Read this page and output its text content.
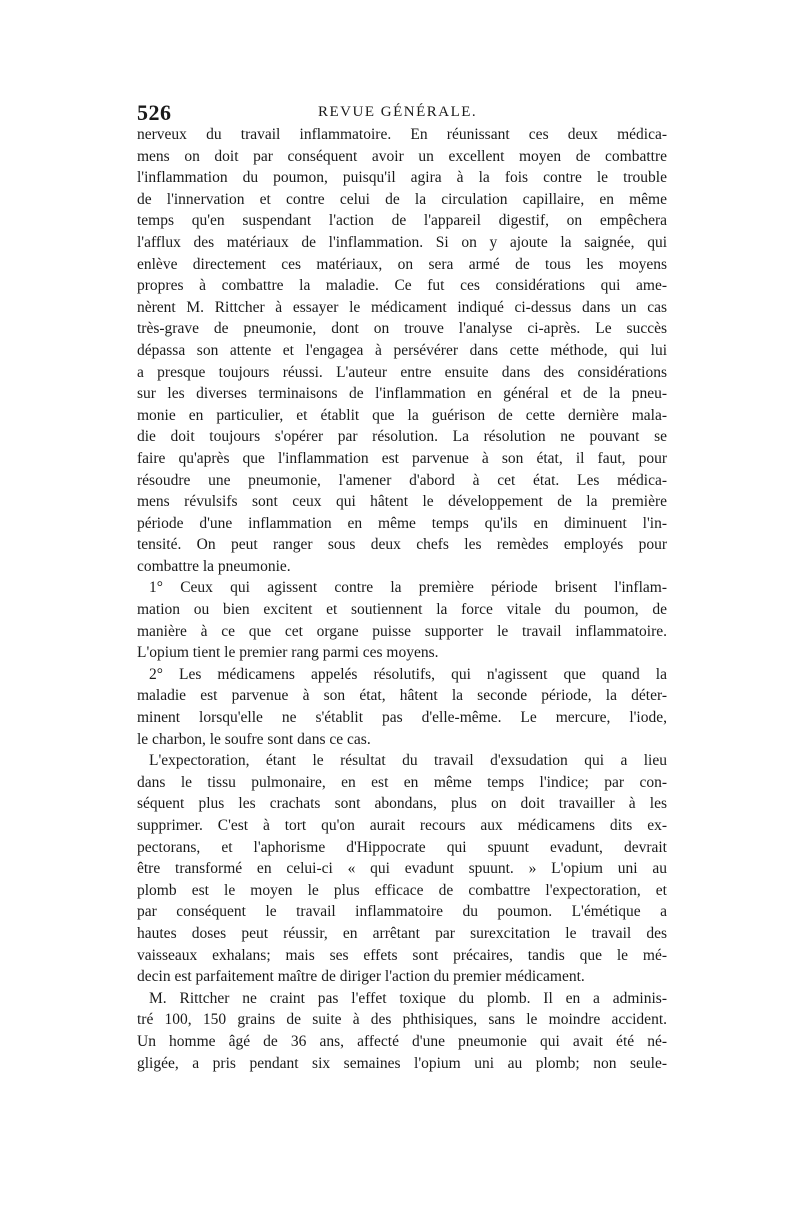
526	REVUE GÉNÉRALE.
nerveux du travail inflammatoire. En réunissant ces deux médica-
mens on doit par conséquent avoir un excellent moyen de combattre
l'inflammation du poumon, puisqu'il agira à la fois contre le trouble
de l'innervation et contre celui de la circulation capillaire, en même
temps qu'en suspendant l'action de l'appareil digestif, on empêchera
l'afflux des matériaux de l'inflammation. Si on y ajoute la saignée, qui
enlève directement ces matériaux, on sera armé de tous les moyens
propres à combattre la maladie. Ce fut ces considérations qui ame-
nèrent M. Rittcher à essayer le médicament indiqué ci-dessus dans un cas
très-grave de pneumonie, dont on trouve l'analyse ci-après. Le succès
dépassa son attente et l'engagea à persévérer dans cette méthode, qui lui
a presque toujours réussi. L'auteur entre ensuite dans des considérations
sur les diverses terminaisons de l'inflammation en général et de la pneu-
monie en particulier, et établit que la guérison de cette dernière mala-
die doit toujours s'opérer par résolution. La résolution ne pouvant se
faire qu'après que l'inflammation est parvenue à son état, il faut, pour
résoudre une pneumonie, l'amener d'abord à cet état. Les médica-
mens révulsifs sont ceux qui hâtent le développement de la première
période d'une inflammation en même temps qu'ils en diminuent l'in-
tensité. On peut ranger sous deux chefs les remèdes employés pour
combattre la pneumonie.
1° Ceux qui agissent contre la première période brisent l'inflam-
mation ou bien excitent et soutiennent la force vitale du poumon, de
manière à ce que cet organe puisse supporter le travail inflammatoire.
L'opium tient le premier rang parmi ces moyens.
2° Les médicamens appelés résolutifs, qui n'agissent que quand la
maladie est parvenue à son état, hâtent la seconde période, la déter-
minent lorsqu'elle ne s'établit pas d'elle-même. Le mercure, l'iode,
le charbon, le soufre sont dans ce cas.
L'expectoration, étant le résultat du travail d'exsudation qui a lieu
dans le tissu pulmonaire, en est en même temps l'indice; par con-
séquent plus les crachats sont abondans, plus on doit travailler à les
supprimer. C'est à tort qu'on aurait recours aux médicamens dits ex-
pectorans, et l'aphorisme d'Hippocrate qui spuunt evadunt, devrait
être transformé en celui-ci « qui evadunt spuunt. » L'opium uni au
plomb est le moyen le plus efficace de combattre l'expectoration, et
par conséquent le travail inflammatoire du poumon. L'émétique a
hautes doses peut réussir, en arrêtant par surexcitation le travail des
vaisseaux exhalans; mais ses effets sont précaires, tandis que le mé-
decin est parfaitement maître de diriger l'action du premier médicament.
M. Rittcher ne craint pas l'effet toxique du plomb. Il en a adminis-
tré 100, 150 grains de suite à des phthisiques, sans le moindre accident.
Un homme âgé de 36 ans, affecté d'une pneumonie qui avait été né-
gligée, a pris pendant six semaines l'opium uni au plomb; non seule-
